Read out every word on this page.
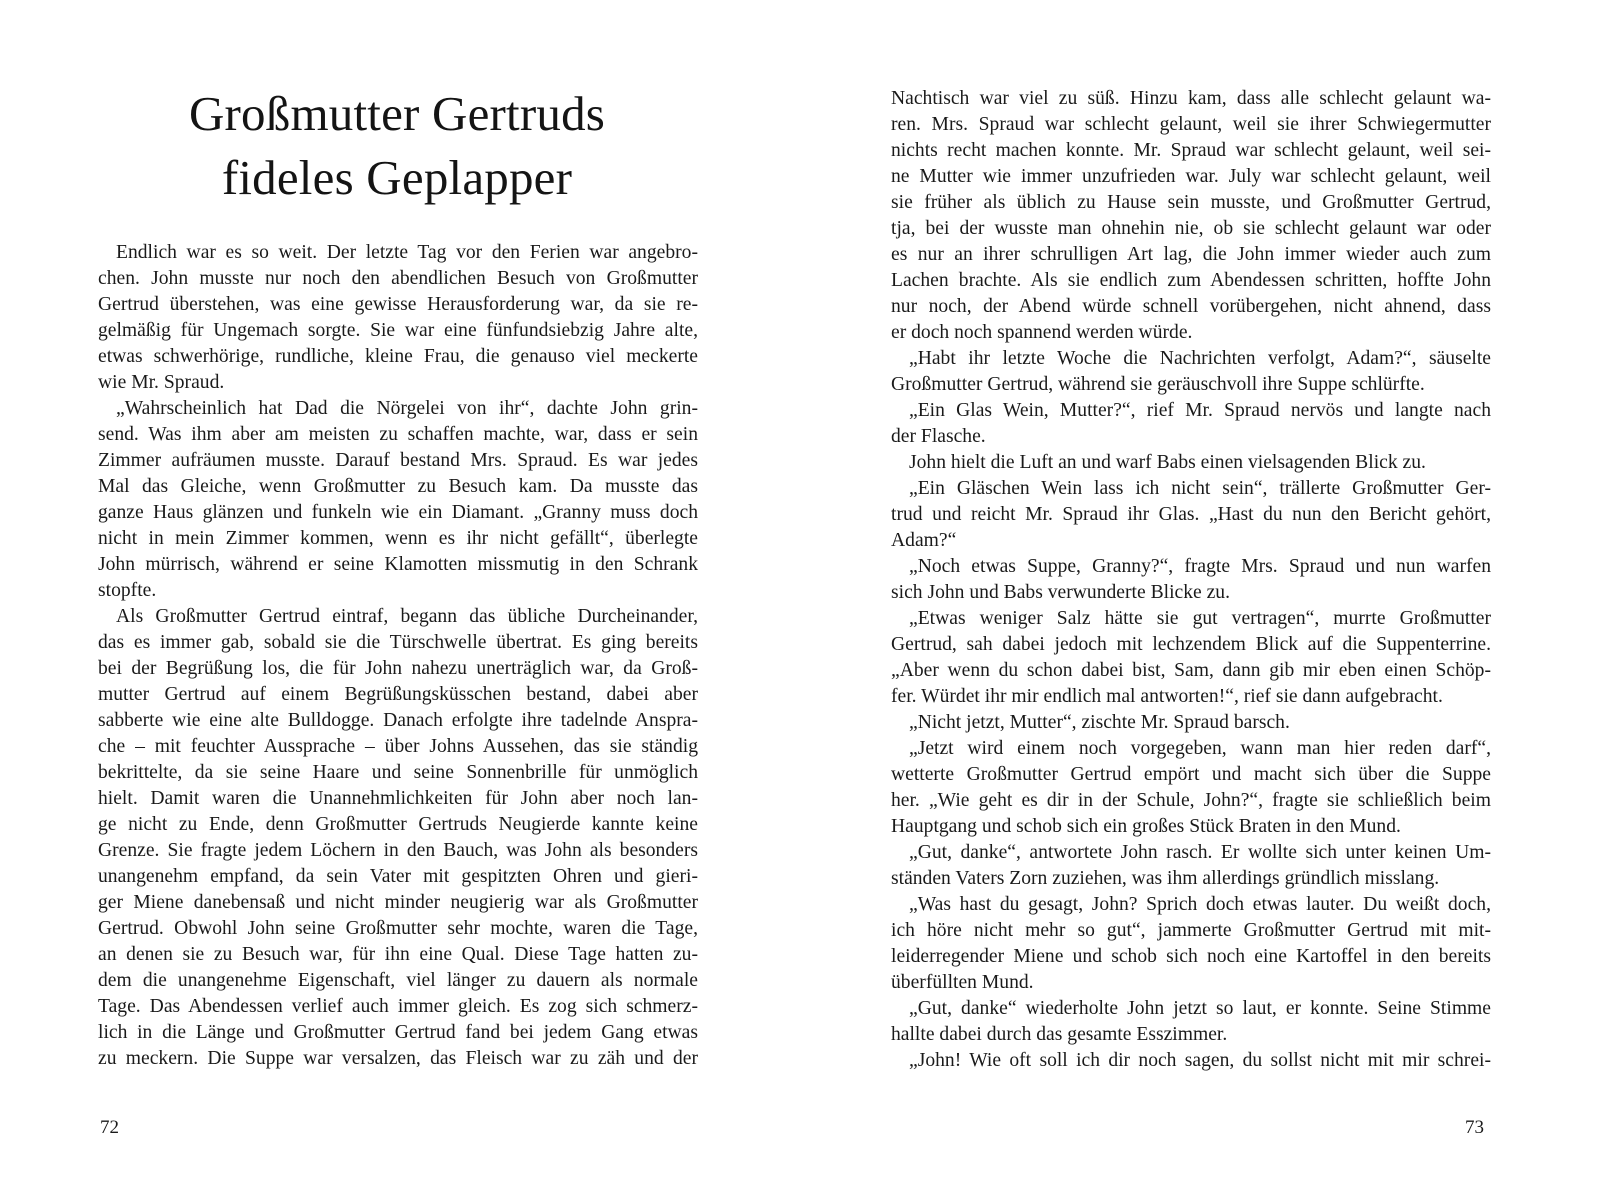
Großmutter Gertruds
fideles Geplapper
Endlich war es so weit. Der letzte Tag vor den Ferien war angebro-
chen. John musste nur noch den abendlichen Besuch von Großmutter
Gertrud überstehen, was eine gewisse Herausforderung war, da sie re-
gelmäßig für Ungemach sorgte. Sie war eine fünfundsiebzig Jahre alte,
etwas schwerhörige, rundliche, kleine Frau, die genauso viel meckerte
wie Mr. Spraud.
„Wahrscheinlich hat Dad die Nörgelei von ihr“, dachte John grin-
send. Was ihm aber am meisten zu schaffen machte, war, dass er sein
Zimmer aufräumen musste. Darauf bestand Mrs. Spraud. Es war jedes
Mal das Gleiche, wenn Großmutter zu Besuch kam. Da musste das
ganze Haus glänzen und funkeln wie ein Diamant. „Granny muss doch
nicht in mein Zimmer kommen, wenn es ihr nicht gefällt“, überlegte
John mürrisch, während er seine Klamotten missmutig in den Schrank
stopfte.
Als Großmutter Gertrud eintraf, begann das übliche Durcheinander,
das es immer gab, sobald sie die Türschwelle übertrat. Es ging bereits
bei der Begrüßung los, die für John nahezu unerträglich war, da Groß-
mutter Gertrud auf einem Begrüßungsküsschen bestand, dabei aber
sabberte wie eine alte Bulldogge. Danach erfolgte ihre tadelnde Anspra-
che – mit feuchter Aussprache – über Johns Aussehen, das sie ständig
bekrittelte, da sie seine Haare und seine Sonnenbrille für unmöglich
hielt. Damit waren die Unannehmlichkeiten für John aber noch lan-
ge nicht zu Ende, denn Großmutter Gertruds Neugierde kannte keine
Grenze. Sie fragte jedem Löchern in den Bauch, was John als besonders
unangenehm empfand, da sein Vater mit gespitzten Ohren und gieri-
ger Miene danebensaß und nicht minder neugierig war als Großmutter
Gertrud. Obwohl John seine Großmutter sehr mochte, waren die Tage,
an denen sie zu Besuch war, für ihn eine Qual. Diese Tage hatten zu-
dem die unangenehme Eigenschaft, viel länger zu dauern als normale
Tage. Das Abendessen verlief auch immer gleich. Es zog sich schmerz-
lich in die Länge und Großmutter Gertrud fand bei jedem Gang etwas
zu meckern. Die Suppe war versalzen, das Fleisch war zu zäh und der
72
Nachtisch war viel zu süß. Hinzu kam, dass alle schlecht gelaunt wa-
ren. Mrs. Spraud war schlecht gelaunt, weil sie ihrer Schwiegermutter
nichts recht machen konnte. Mr. Spraud war schlecht gelaunt, weil sei-
ne Mutter wie immer unzufrieden war. July war schlecht gelaunt, weil
sie früher als üblich zu Hause sein musste, und Großmutter Gertrud,
tja, bei der wusste man ohnehin nie, ob sie schlecht gelaunt war oder
es nur an ihrer schrulligen Art lag, die John immer wieder auch zum
Lachen brachte. Als sie endlich zum Abendessen schritten, hoffte John
nur noch, der Abend würde schnell vorübergehen, nicht ahnend, dass
er doch noch spannend werden würde.
„Habt ihr letzte Woche die Nachrichten verfolgt, Adam?“, säuselte
Großmutter Gertrud, während sie geräuschvoll ihre Suppe schlürfte.
„Ein Glas Wein, Mutter?“, rief Mr. Spraud nervös und langte nach
der Flasche.
John hielt die Luft an und warf Babs einen vielsagenden Blick zu.
„Ein Gläschen Wein lass ich nicht sein“, trällerte Großmutter Ger-
trud und reicht Mr. Spraud ihr Glas. „Hast du nun den Bericht gehört,
Adam?“
„Noch etwas Suppe, Granny?“, fragte Mrs. Spraud und nun warfen
sich John und Babs verwunderte Blicke zu.
„Etwas weniger Salz hätte sie gut vertragen“, murrte Großmutter
Gertrud, sah dabei jedoch mit lechzendem Blick auf die Suppenterrine.
„Aber wenn du schon dabei bist, Sam, dann gib mir eben einen Schöp-
fer. Würdet ihr mir endlich mal antworten!“, rief sie dann aufgebracht.
„Nicht jetzt, Mutter“, zischte Mr. Spraud barsch.
„Jetzt wird einem noch vorgegeben, wann man hier reden darf“,
wetterte Großmutter Gertrud empört und macht sich über die Suppe
her. „Wie geht es dir in der Schule, John?“, fragte sie schließlich beim
Hauptgang und schob sich ein großes Stück Braten in den Mund.
„Gut, danke“, antwortete John rasch. Er wollte sich unter keinen Um-
ständen Vaters Zorn zuziehen, was ihm allerdings gründlich misslang.
„Was hast du gesagt, John? Sprich doch etwas lauter. Du weißt doch,
ich höre nicht mehr so gut“, jammerte Großmutter Gertrud mit mit-
leiderregender Miene und schob sich noch eine Kartoffel in den bereits
überfüllten Mund.
„Gut, danke“ wiederholte John jetzt so laut, er konnte. Seine Stimme
hallte dabei durch das gesamte Esszimmer.
„John! Wie oft soll ich dir noch sagen, du sollst nicht mit mir schrei-
73
